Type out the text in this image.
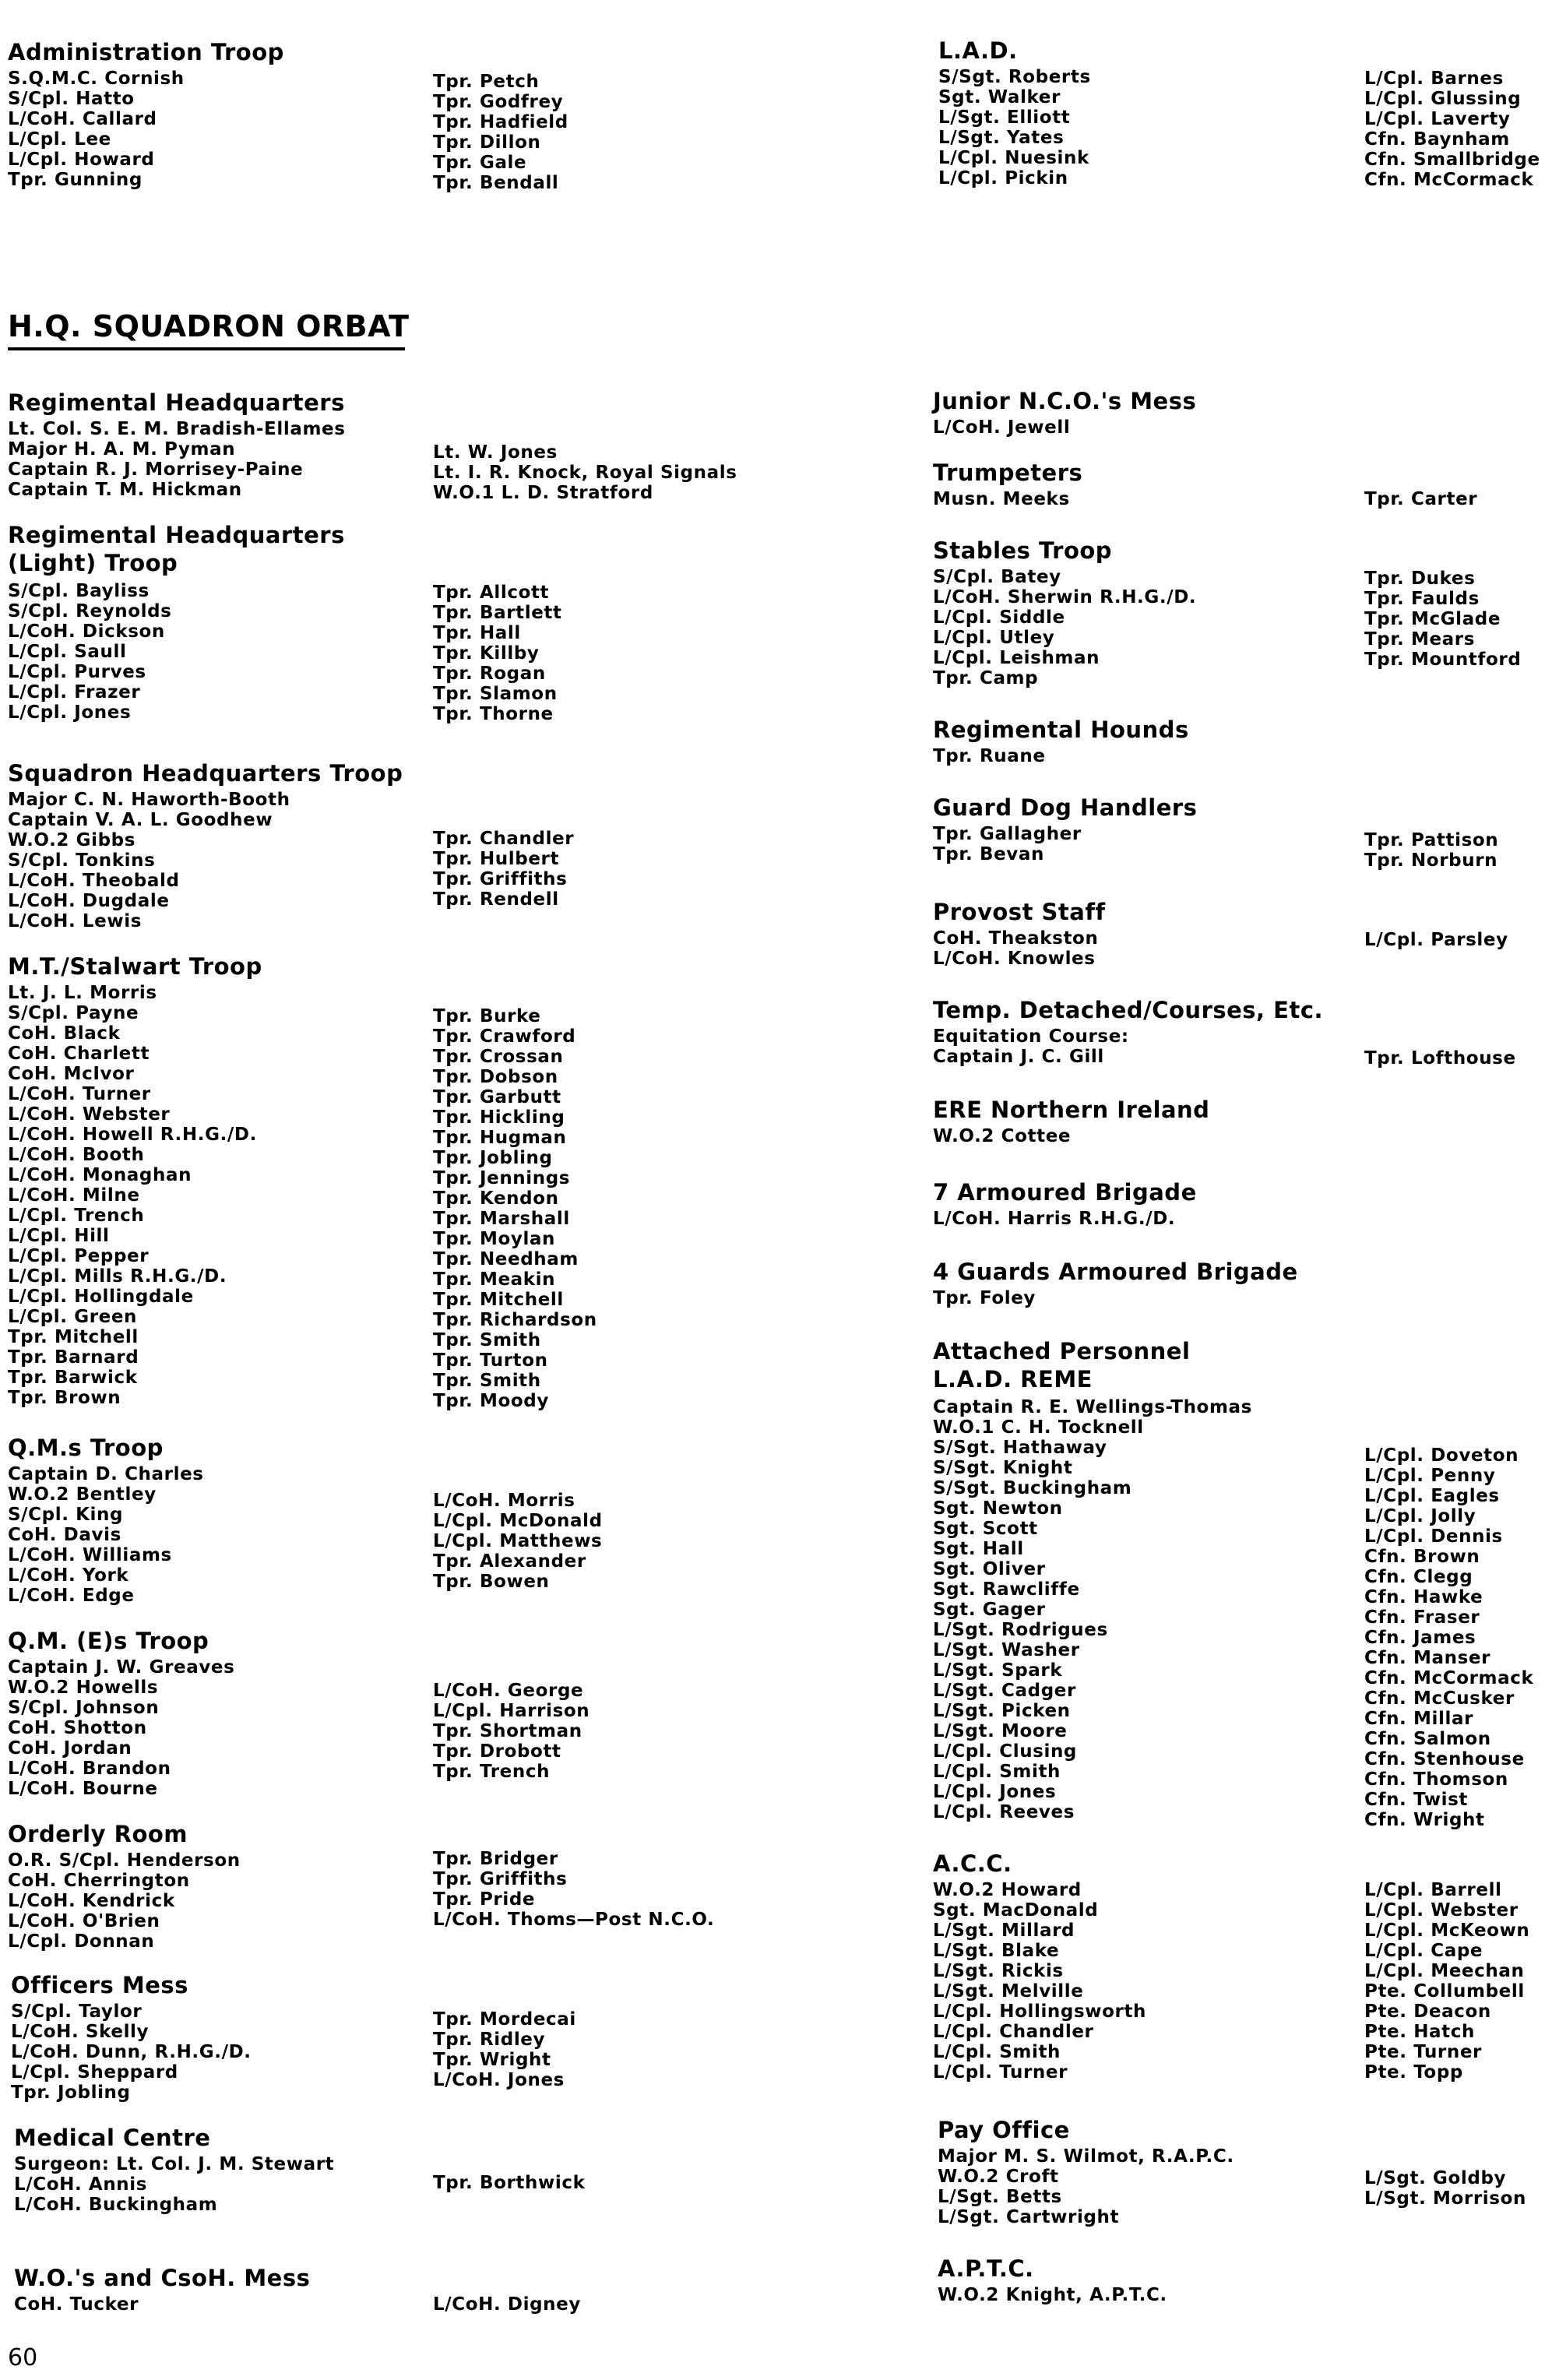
H.Q. SQUADRON ORBAT
Administration Troop
S.Q.M.C. Cornish
S/Cpl. Hatto
L/CoH. Callard
L/Cpl. Lee
L/Cpl. Howard
Tpr. Gunning
Tpr. Petch
Tpr. Godfrey
Tpr. Hadfield
Tpr. Dillon
Tpr. Gale
Tpr. Bendall
L.A.D.
S/Sgt. Roberts
Sgt. Walker
L/Sgt. Elliott
L/Sgt. Yates
L/Cpl. Nuesink
L/Cpl. Pickin
L/Cpl. Barnes
L/Cpl. Glussing
L/Cpl. Laverty
Cfn. Baynham
Cfn. Smallbridge
Cfn. McCormack
Regimental Headquarters
Lt. Col. S. E. M. Bradish-Ellames
Major H. A. M. Pyman
Captain R. J. Morrisey-Paine
Captain T. M. Hickman
Lt. W. Jones
Lt. I. R. Knock, Royal Signals
W.O.1 L. D. Stratford
Regimental Headquarters
(Light) Troop
S/Cpl. Bayliss
S/Cpl. Reynolds
L/CoH. Dickson
L/Cpl. Saull
L/Cpl. Purves
L/Cpl. Frazer
L/Cpl. Jones
Tpr. Allcott
Tpr. Bartlett
Tpr. Hall
Tpr. Killby
Tpr. Rogan
Tpr. Slamon
Tpr. Thorne
Squadron Headquarters Troop
Major C. N. Haworth-Booth
Captain V. A. L. Goodhew
W.O.2 Gibbs
S/Cpl. Tonkins
L/CoH. Theobald
L/CoH. Dugdale
L/CoH. Lewis
Tpr. Chandler
Tpr. Hulbert
Tpr. Griffiths
Tpr. Rendell
M.T./Stalwart Troop
Lt. J. L. Morris
S/Cpl. Payne
CoH. Black
CoH. Charlett
CoH. McIvor
L/CoH. Turner
L/CoH. Webster
L/CoH. Howell R.H.G./D.
L/CoH. Booth
L/CoH. Monaghan
L/CoH. Milne
L/Cpl. Trench
L/Cpl. Hill
L/Cpl. Pepper
L/Cpl. Mills R.H.G./D.
L/Cpl. Hollingdale
L/Cpl. Green
Tpr. Mitchell
Tpr. Barnard
Tpr. Barwick
Tpr. Brown
Tpr. Burke
Tpr. Crawford
Tpr. Crossan
Tpr. Dobson
Tpr. Garbutt
Tpr. Hickling
Tpr. Hugman
Tpr. Jobling
Tpr. Jennings
Tpr. Kendon
Tpr. Marshall
Tpr. Moylan
Tpr. Needham
Tpr. Meakin
Tpr. Mitchell
Tpr. Richardson
Tpr. Smith
Tpr. Turton
Tpr. Smith
Tpr. Moody
Q.M.s Troop
Captain D. Charles
W.O.2 Bentley
S/Cpl. King
CoH. Davis
L/CoH. Williams
L/CoH. York
L/CoH. Edge
L/CoH. Morris
L/Cpl. McDonald
L/Cpl. Matthews
Tpr. Alexander
Tpr. Bowen
Q.M. (E)s Troop
Captain J. W. Greaves
W.O.2 Howells
S/Cpl. Johnson
CoH. Shotton
CoH. Jordan
L/CoH. Brandon
L/CoH. Bourne
L/CoH. George
L/Cpl. Harrison
Tpr. Shortman
Tpr. Drobott
Tpr. Trench
Orderly Room
O.R. S/Cpl. Henderson
CoH. Cherrington
L/CoH. Kendrick
L/CoH. O'Brien
L/Cpl. Donnan
Tpr. Bridger
Tpr. Griffiths
Tpr. Pride
L/CoH. Thoms—Post N.C.O.
Officers Mess
S/Cpl. Taylor
L/CoH. Skelly
L/CoH. Dunn, R.H.G./D.
L/Cpl. Sheppard
Tpr. Jobling
Tpr. Mordecai
Tpr. Ridley
Tpr. Wright
L/CoH. Jones
Medical Centre
Surgeon: Lt. Col. J. M. Stewart
L/CoH. Annis
L/CoH. Buckingham
Tpr. Borthwick
W.O.'s and CsoH. Mess
CoH. Tucker	L/CoH. Digney
Junior N.C.O.'s Mess
L/CoH. Jewell
Trumpeters
Musn. Meeks	Tpr. Carter
Stables Troop
S/Cpl. Batey
L/CoH. Sherwin R.H.G./D.
L/Cpl. Siddle
L/Cpl. Utley
L/Cpl. Leishman
Tpr. Camp
Tpr. Dukes
Tpr. Faulds
Tpr. McGlade
Tpr. Mears
Tpr. Mountford
Regimental Hounds
Tpr. Ruane
Guard Dog Handlers
Tpr. Gallagher
Tpr. Bevan
Tpr. Pattison
Tpr. Norburn
Provost Staff
CoH. Theakston
L/CoH. Knowles
L/Cpl. Parsley
Temp. Detached/Courses, Etc.
Equitation Course:
Captain J. C. Gill	Tpr. Lofthouse
ERE Northern Ireland
W.O.2 Cottee
7 Armoured Brigade
L/CoH. Harris R.H.G./D.
4 Guards Armoured Brigade
Tpr. Foley
Attached Personnel
L.A.D. REME
Captain R. E. Wellings-Thomas
W.O.1 C. H. Tocknell
S/Sgt. Hathaway
S/Sgt. Knight
S/Sgt. Buckingham
Sgt. Newton
Sgt. Scott
Sgt. Hall
Sgt. Oliver
Sgt. Rawcliffe
Sgt. Gager
L/Sgt. Rodrigues
L/Sgt. Washer
L/Sgt. Spark
L/Sgt. Cadger
L/Sgt. Picken
L/Sgt. Moore
L/Cpl. Clusing
L/Cpl. Smith
L/Cpl. Jones
L/Cpl. Reeves
L/Cpl. Doveton
L/Cpl. Penny
L/Cpl. Eagles
L/Cpl. Jolly
L/Cpl. Dennis
Cfn. Brown
Cfn. Clegg
Cfn. Hawke
Cfn. Fraser
Cfn. James
Cfn. Manser
Cfn. McCormack
Cfn. McCusker
Cfn. Millar
Cfn. Salmon
Cfn. Stenhouse
Cfn. Thomson
Cfn. Twist
Cfn. Wright
A.C.C.
W.O.2 Howard
Sgt. MacDonald
L/Sgt. Millard
L/Sgt. Blake
L/Sgt. Rickis
L/Sgt. Melville
L/Cpl. Hollingsworth
L/Cpl. Chandler
L/Cpl. Smith
L/Cpl. Turner
L/Cpl. Barrell
L/Cpl. Webster
L/Cpl. McKeown
L/Cpl. Cape
L/Cpl. Meechan
Pte. Collumbell
Pte. Deacon
Pte. Hatch
Pte. Turner
Pte. Topp
Pay Office
Major M. S. Wilmot, R.A.P.C.
W.O.2 Croft
L/Sgt. Betts
L/Sgt. Cartwright
L/Sgt. Goldby
L/Sgt. Morrison
A.P.T.C.
W.O.2 Knight, A.P.T.C.
60
